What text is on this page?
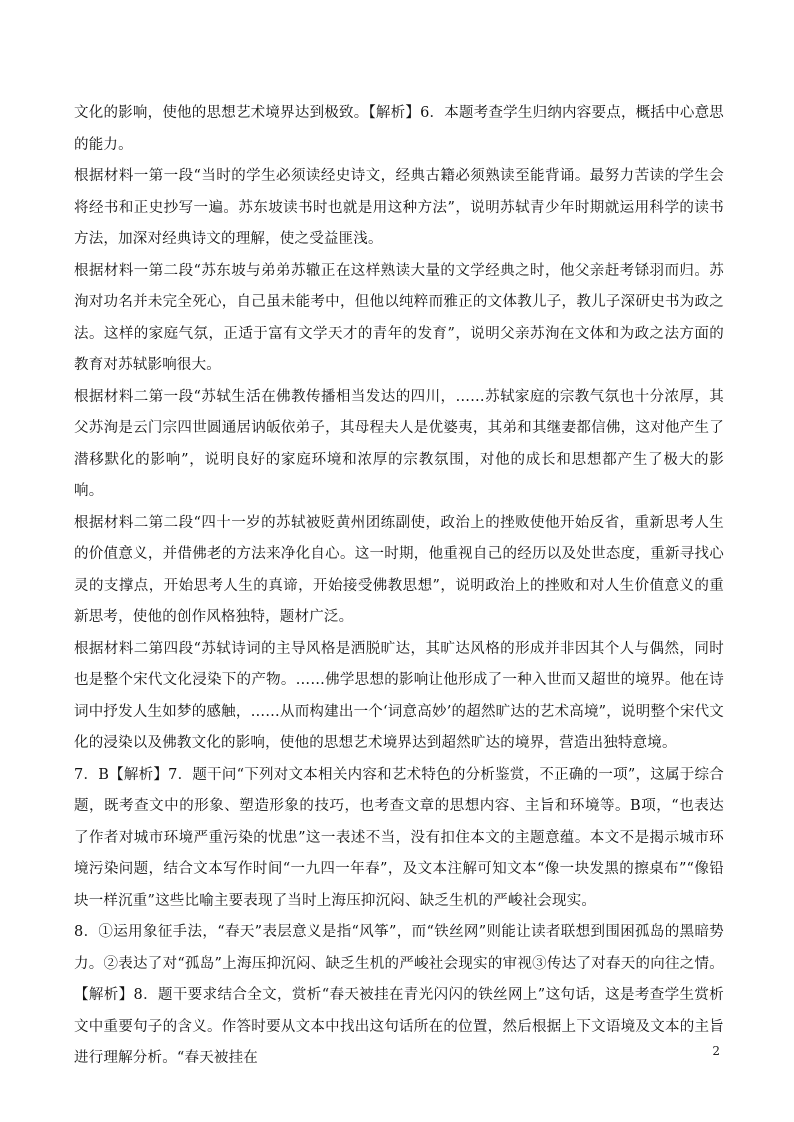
文化的影响，使他的思想艺术境界达到极致。【解析】6．本题考查学生归纳内容要点，概括中心意思的能力。

根据材料一第一段“当时的学生必须读经史诗文，经典古籍必须熟读至能背诵。最努力苦读的学生会将经书和正史抄写一遍。苏东坡读书时也就是用这种方法”，说明苏轼青少年时期就运用科学的读书方法，加深对经典诗文的理解，使之受益匪浅。

根据材料一第二段“苏东坡与弟弟苏辙正在这样熟读大量的文学经典之时，他父亲赶考铩羽而归。苏洵对功名并未完全死心，自己虽未能考中，但他以纯粹而雅正的文体教儿子，教儿子深研史书为政之法。这样的家庭气氛，正适于富有文学天才的青年的发育”，说明父亲苏洵在文体和为政之法方面的教育对苏轼影响很大。

根据材料二第一段“苏轼生活在佛教传播相当发达的四川，……苏轼家庭的宗教气氛也十分浓厚，其父苏洵是云门宗四世圆通居讷皈依弟子，其母程夫人是优婆夷，其弟和其继妻都信佛，这对他产生了潜移默化的影响”，说明良好的家庭环境和浓厚的宗教氛围，对他的成长和思想都产生了极大的影响。

根据材料二第二段“四十一岁的苏轼被贬黄州团练副使，政治上的挫败使他开始反省，重新思考人生的价值意义，并借佛老的方法来净化自心。这一时期，他重视自己的经历以及处世态度，重新寻找心灵的支撑点，开始思考人生的真谛，开始接受佛教思想”，说明政治上的挫败和对人生价值意义的重新思考，使他的创作风格独特，题材广泛。

根据材料二第四段“苏轼诗词的主导风格是洒脱旷达，其旷达风格的形成并非因其个人与偶然，同时也是整个宋代文化浸染下的产物。……佛学思想的影响让他形成了一种入世而又超世的境界。他在诗词中抒发人生如梦的感触，……从而构建出一个‘词意高妙’的超然旷达的艺术高境”，说明整个宋代文化的浸染以及佛教文化的影响，使他的思想艺术境界达到超然旷达的境界，营造出独特意境。

7．B【解析】7．题干问“下列对文本相关内容和艺术特色的分析鉴赏，不正确的一项”，这属于综合题，既考查文中的形象、塑造形象的技巧，也考查文章的思想内容、主旨和环境等。B项，“也表达了作者对城市环境严重污染的忧患”这一表述不当，没有扣住本文的主题意蕴。本文不是揭示城市环境污染问题，结合文本写作时间“一九四一年春”，及文本注解可知文本“像一块发黑的擦桌布”“像铅块一样沉重”这些比喻主要表现了当时上海压抑沉闷、缺乏生机的严峻社会现实。

8．①运用象征手法，“春天”表层意义是指“风筝”，而“铁丝网”则能让读者联想到围困孤岛的黑暗势力。②表达了对“孤岛”上海压抑沉闷、缺乏生机的严峻社会现实的审视③传达了对春天的向往之情。【解析】8．题干要求结合全文，赏析“春天被挂在青光闪闪的铁丝网上”这句话，这是考查学生赏析文中重要句子的含义。作答时要从文本中找出这句话所在的位置，然后根据上下文语境及文本的主旨进行理解分析。“春天被挂在	2
